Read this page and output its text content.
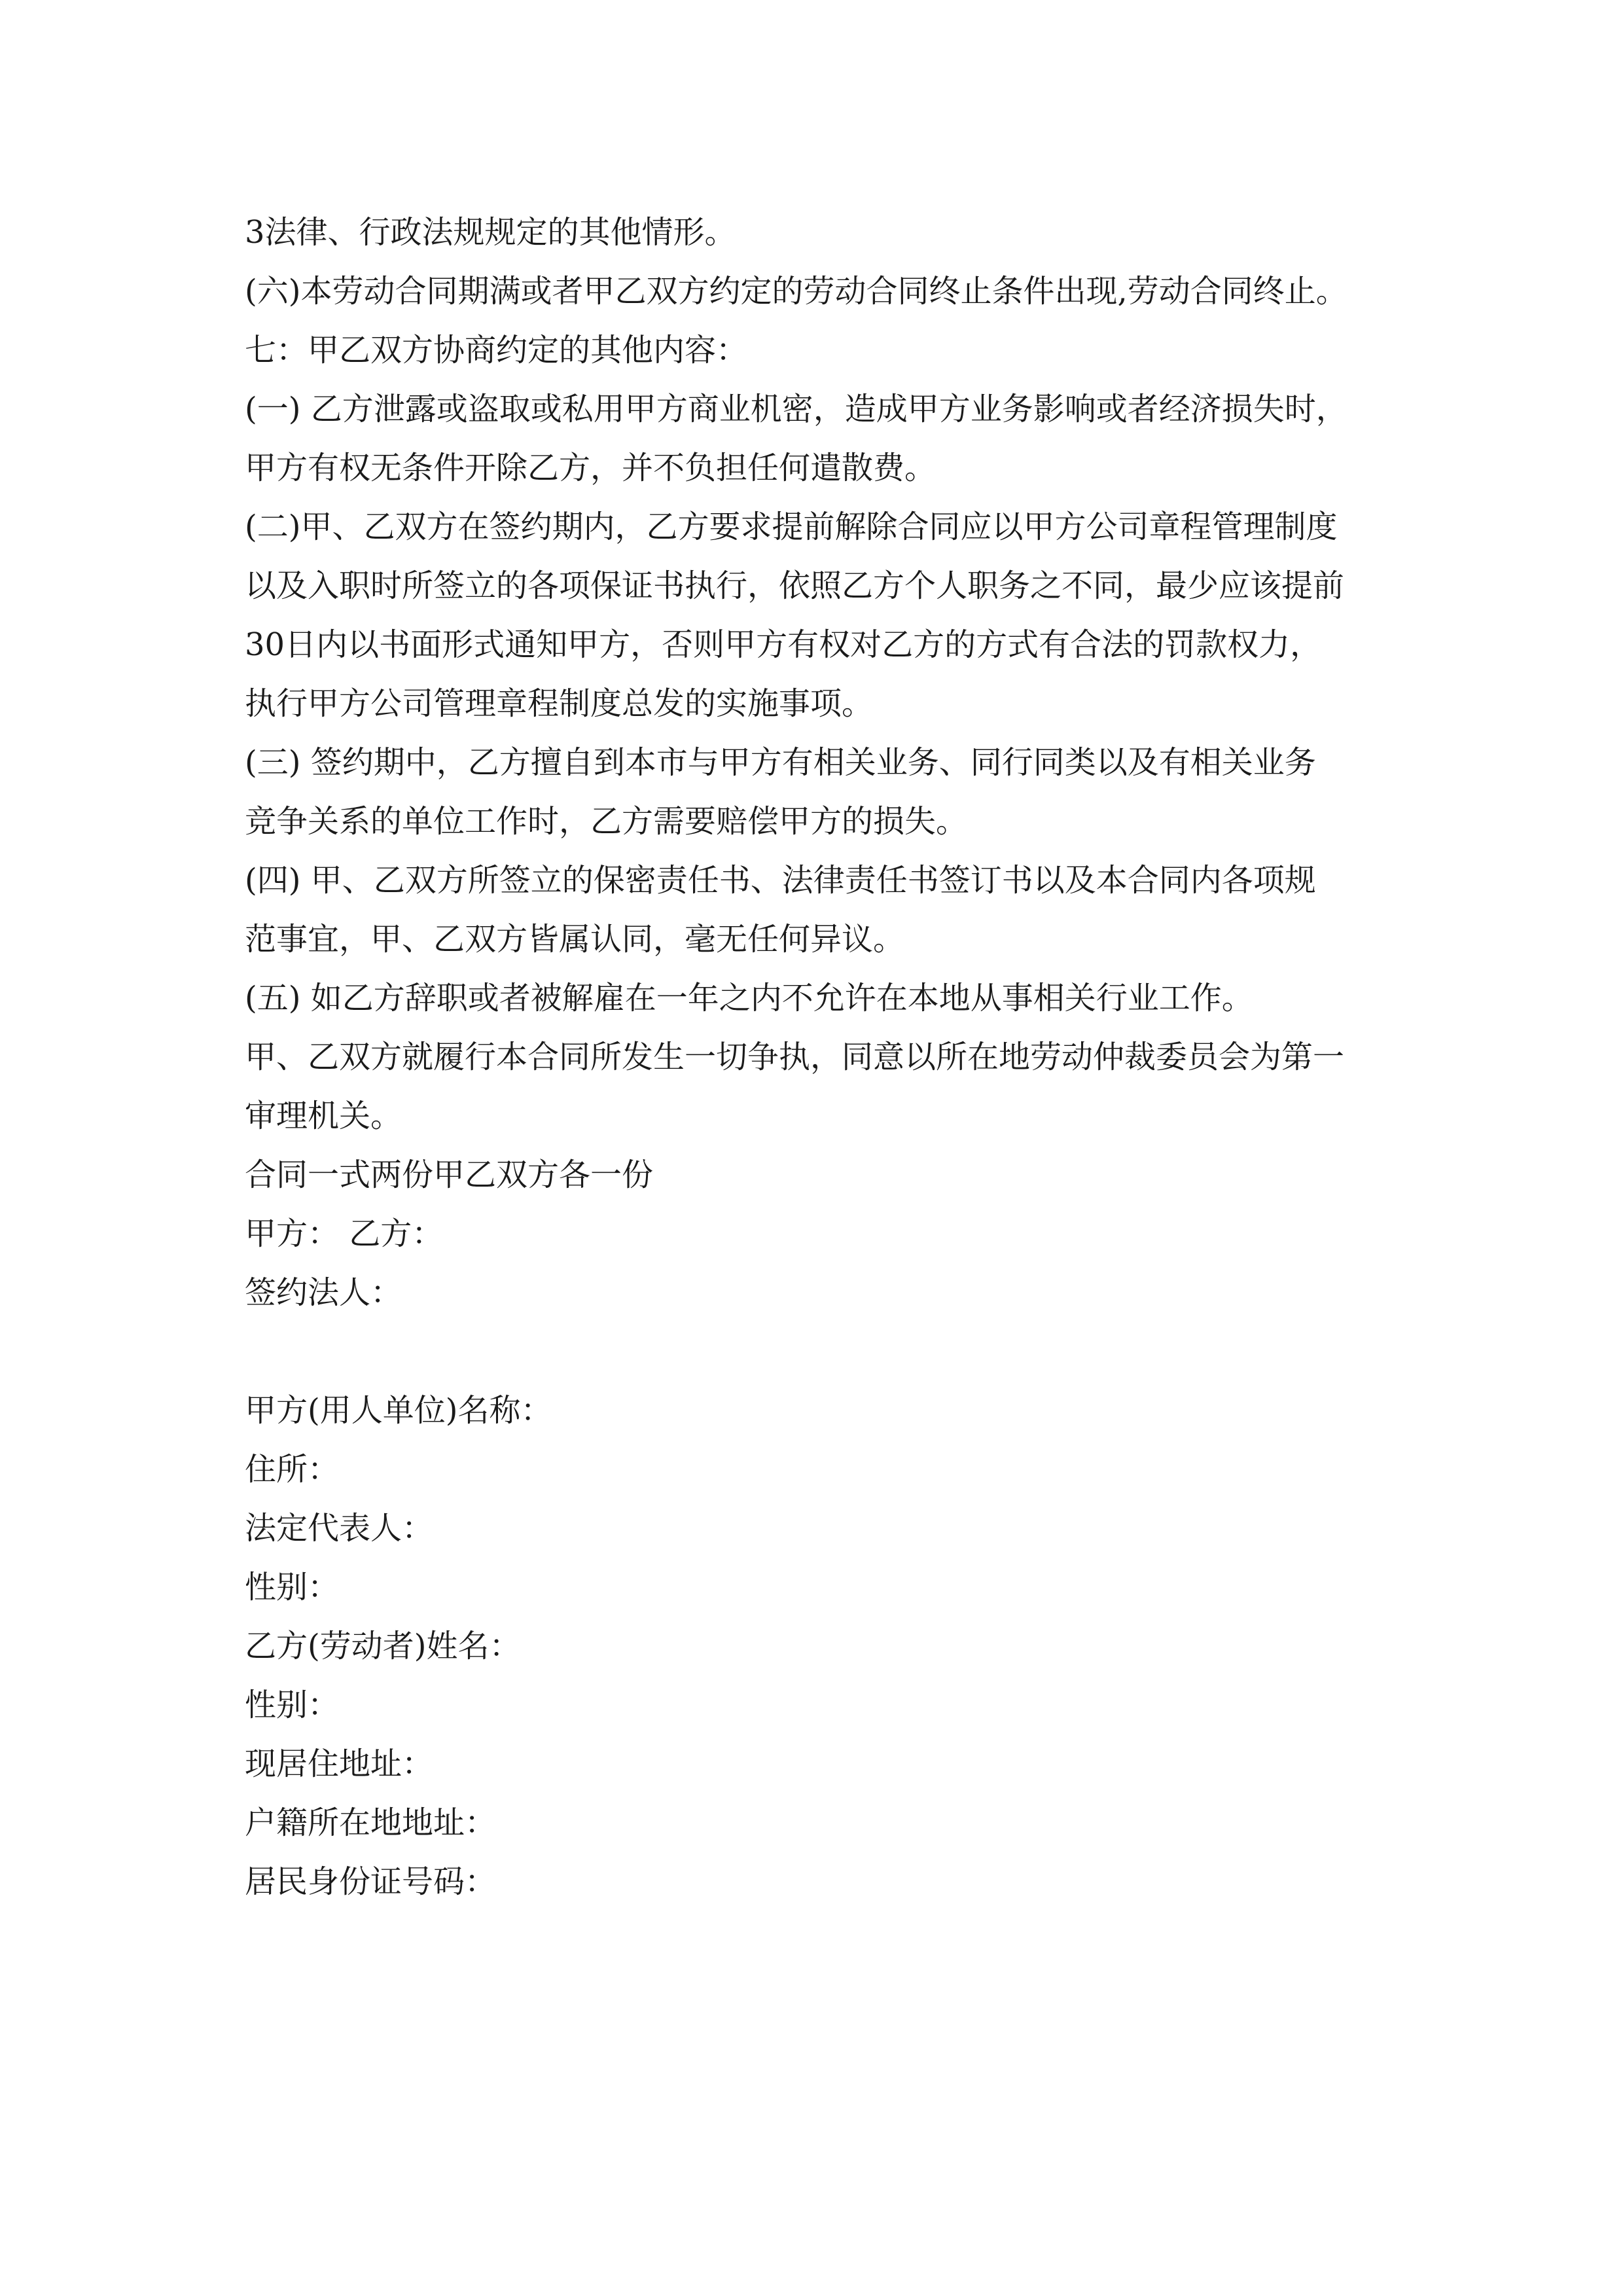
3法律、行政法规规定的其他情形。
(六)本劳动合同期满或者甲乙双方约定的劳动合同终止条件出现,劳动合同终止。
七：甲乙双方协商约定的其他内容：
(一) 乙方泄露或盗取或私用甲方商业机密，造成甲方业务影响或者经济损失时，
甲方有权无条件开除乙方，并不负担任何遣散费。
(二)甲、乙双方在签约期内，乙方要求提前解除合同应以甲方公司章程管理制度
以及入职时所签立的各项保证书执行，依照乙方个人职务之不同，最少应该提前
30日内以书面形式通知甲方，否则甲方有权对乙方的方式有合法的罚款权力，
执行甲方公司管理章程制度总发的实施事项。
(三) 签约期中，乙方擅自到本市与甲方有相关业务、同行同类以及有相关业务
竞争关系的单位工作时，乙方需要赔偿甲方的损失。
(四) 甲、乙双方所签立的保密责任书、法律责任书签订书以及本合同内各项规
范事宜，甲、乙双方皆属认同，毫无任何异议。
(五) 如乙方辞职或者被解雇在一年之内不允许在本地从事相关行业工作。
甲、乙双方就履行本合同所发生一切争执，同意以所在地劳动仲裁委员会为第一
审理机关。
合同一式两份甲乙双方各一份
甲方： 乙方：
签约法人：
甲方(用人单位)名称：
住所：
法定代表人：
性别：
乙方(劳动者)姓名：
性别：
现居住地址：
户籍所在地地址：
居民身份证号码：
